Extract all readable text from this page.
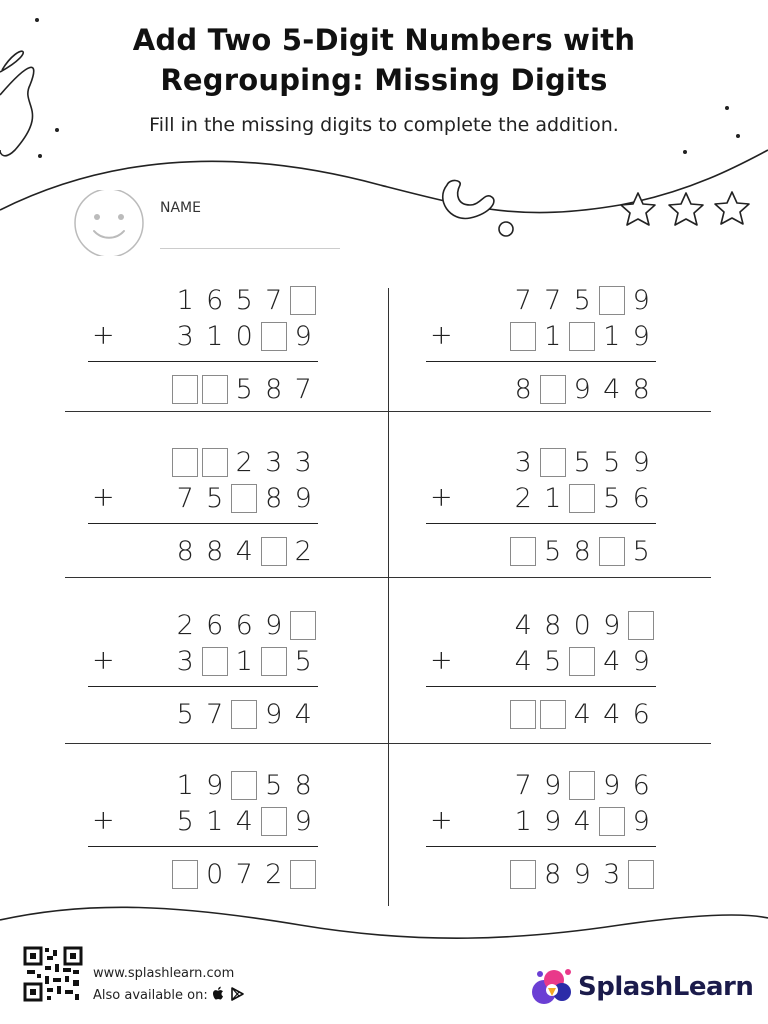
Add Two 5-Digit Numbers with
Regrouping: Missing Digits
Fill in the missing digits to complete the addition.
NAME
1 6 5 7
+ 3 1 0 9
5 8 7
7 7 5 9
+	1 1 9
8 9 4 8
2 3 3
+ 7 5 8 9
8 8 4 2
3 5 5 9
+ 2 1 5 6
5 8 5
2 6 6 9
+ 3 1 5
5 7 9 4
4 8 0 9
+ 4 5 4 9
4 4 6
1 9 5 8
+ 5 1 4 9
0 7 2
7 9 9 6
+ 1 9 4 9
8 9 3
www.splashlearn.com
Also available on:	SplashLearn
